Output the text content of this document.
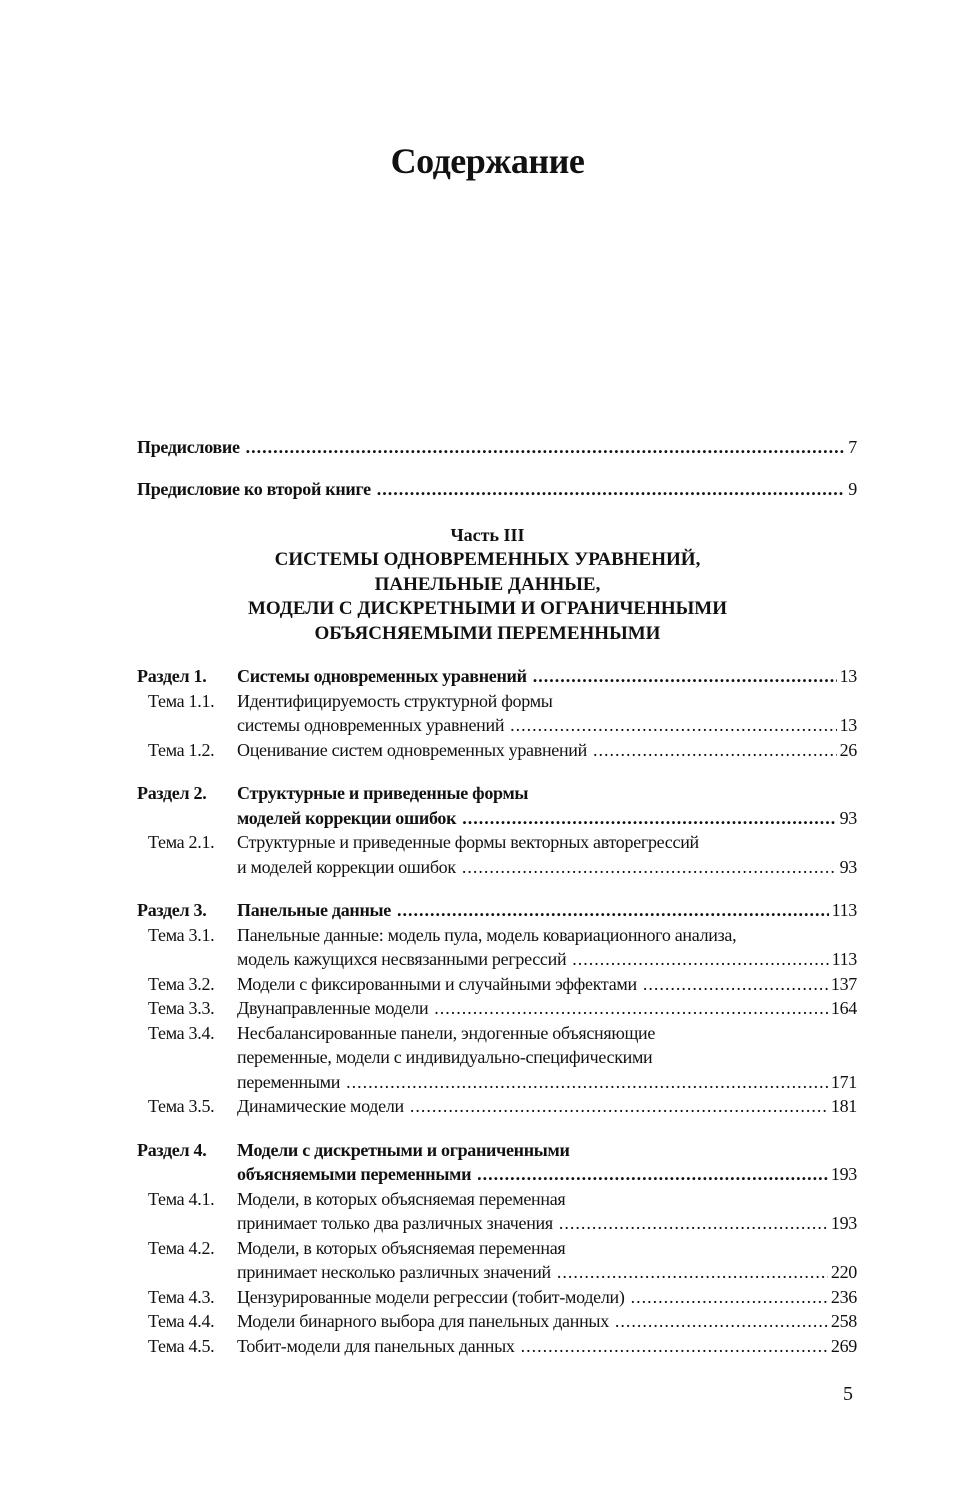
Содержание
Предисловие .....	7
Предисловие ко второй книге .....	9
Часть III
СИСТЕМЫ ОДНОВРЕМЕННЫХ УРАВНЕНИЙ,
ПАНЕЛЬНЫЕ ДАННЫЕ,
МОДЕЛИ С ДИСКРЕТНЫМИ И ОГРАНИЧЕННЫМИ
ОБЪЯСНЯЕМЫМИ ПЕРЕМЕННЫМИ
Раздел 1.	Системы одновременных уравнений .....	13
Тема 1.1.	Идентифицируемость структурной формы
системы одновременных уравнений .....	13
Тема 1.2.	Оценивание систем одновременных уравнений .....	26
Раздел 2.	Структурные и приведенные формы
моделей коррекции ошибок .....	93
Тема 2.1.	Структурные и приведенные формы векторных авторегрессий
и моделей коррекции ошибок .....	93
Раздел 3.	Панельные данные .....	113
Тема 3.1.	Панельные данные: модель пула, модель ковариационного анализа,
модель кажущихся несвязанными регрессий .....	113
Тема 3.2.	Модели с фиксированными и случайными эффектами .....	137
Тема 3.3.	Двунаправленные модели .....	164
Тема 3.4.	Несбалансированные панели, эндогенные объясняющие
переменные, модели с индивидуально-специфическими
переменными .....	171
Тема 3.5.	Динамические модели .....	181
Раздел 4.	Модели с дискретными и ограниченными
объясняемыми переменными .....	193
Тема 4.1.	Модели, в которых объясняемая переменная
принимает только два различных значения .....	193
Тема 4.2.	Модели, в которых объясняемая переменная
принимает несколько различных значений .....	220
Тема 4.3.	Цензурированные модели регрессии (тобит-модели) .....	236
Тема 4.4.	Модели бинарного выбора для панельных данных .....	258
Тема 4.5.	Тобит-модели для панельных данных .....	269
5
